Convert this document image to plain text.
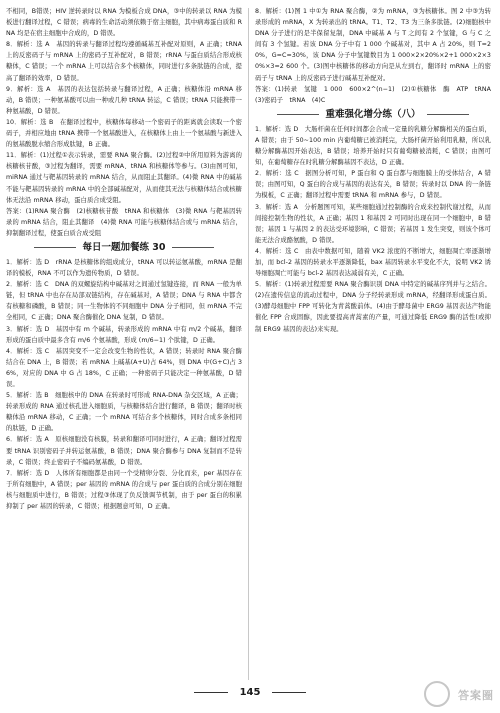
不相同，B错误；HIV 逆转录时以 RNA 为模板合成 DNA，③中的转录以 RNA 为模板进行翻译过程，C 错误；病毒的生命活动须依赖于宿主细胞，其中病毒蛋白质和 RNA 均是在宿主细胞中合成的，D 错误。

8．解析：选 A　基因的转录与翻译过程均遵循碱基互补配对原则，A 正确；tRNA 上的反密码子与 mRNA 上的密码子互补配对，B 错误；rRNA 与蛋白质结合形成核糖体，C 错误；一个 mRNA 上可以结合多个核糖体，同时进行多条肽链的合成，提高了翻译的效率，D 错误。

9．解析：选 A　基因的表达包括转录与翻译过程，A 正确；核糖体沿 mRNA 移动，B 错误；一种氨基酸可以由一种或几种 tRNA 转运，C 错误；tRNA 只能携带一种氨基酸，D 错误。

10．解析：选 B　在翻译过程中，核糖体每移动一个密码子的距离就会读取一个密码子，并相应地由 tRNA 携带一个氨基酸进入，在核糖体上由上一个氨基酸与新进入的氨基酸脱水缩合形成肽键，B 正确。

11．解析：(1)过程①表示转录，需要 RNA 聚合酶。(2)过程②中所用原料为游离的核糖核苷酸，③过程为翻译，需要 mRNA、tRNA 和核糖体等参与。(3)由图可知，miRNA 通过与靶基因转录的 mRNA 结合，从而阻止其翻译。(4)微 RNA 中的碱基不能与靶基因转录的 mRNA 中的全部碱基配对，从而使其无法与核糖体结合或核糖体无法沿 mRNA 移动，蛋白质合成受阻。

答案：(1)RNA 聚合酶　(2)核糖核苷酸　tRNA 和核糖体　(3)微 RNA 与靶基因转录的 mRNA 结合，阻止其翻译　(4)微 RNA 可能与核糖体结合或与 mRNA 结合，抑制翻译过程，使蛋白质合成受阻

每日一题加餐练 30

1．解析：选 D　rRNA 是核糖体的组成成分，tRNA 可以转运氨基酸，mRNA 是翻译的模板，RNA 不可以作为遗传物质，D 错误。

2．解析：选 C　DNA 的双螺旋结构中碱基对之间通过氢键连接，而 RNA 一般为单链，但 tRNA 中也存在局部双链结构，存在碱基对，A 错误；DNA 与 RNA 中都含有核糖和磷酸，B 错误；同一生物体的不同细胞中 DNA 分子相同，但 mRNA 不完全相同，C 正确；DNA 聚合酶催化 DNA 复制，D 错误。

3．解析：选 D　基因中有 m 个碱基，转录形成的 mRNA 中有 m/2 个碱基，翻译形成的蛋白质中最多含有 m/6 个氨基酸，形成 (m/6−1) 个肽键，D 正确。

4．解析：选 C　基因突变不一定会改变生物的性状，A 错误；转录时 RNA 聚合酶结合在 DNA 上，B 错误；若 mRNA 上碱基(A+U)占 64%，则 DNA 中(G+C)占 36%，对应的 DNA 中 G 占 18%，C 正确；一种密码子只能决定一种氨基酸，D 错误。

5．解析：选 B　细胞核中的 DNA 在转录时可形成 RNA-DNA 杂交区域，A 正确；转录形成的 RNA 通过核孔进入细胞质，与核糖体结合进行翻译，B 错误；翻译时核糖体沿 mRNA 移动，C 正确；一个 mRNA 可结合多个核糖体，同时合成多条相同的肽链，D 正确。

6．解析：选 A　原核细胞没有核膜，转录和翻译可同时进行，A 正确；翻译过程需要 tRNA 识别密码子并转运氨基酸，B 错误；DNA 聚合酶参与 DNA 复制而不是转录，C 错误；终止密码子不编码氨基酸，D 错误。

7．解析：选 D　人体所有细胞都是由同一个受精卵分裂、分化而来，per 基因存在于所有细胞中，A 错误；per 基因的 mRNA 的合成与 per 蛋白质的合成分别在细胞核与细胞质中进行，B 错误；过程③体现了负反馈调节机制，由于 per 蛋白的积累抑制了 per 基因的转录，C 错误；根据题意可知，D 正确。

8．解析：(1)图 1 中①为 RNA 聚合酶，②为 mRNA，③为核糖体。图 2 中③为转录形成的 mRNA，X 为转录出的 tRNA。T1、T2、T3 为三条多肽链。(2)细胞核中 DNA 分子进行的是半保留复制，DNA 中碱基 A 与 T 之间有 2 个氢键，G 与 C 之间有 3 个氢键。若该 DNA 分子中有 1 000 个碱基对，其中 A 占 20%，则 T=20%，G=C=30%，该 DNA 分子中氢键数目为 1 000×2×20%×2+1 000×2×30%×3=2 600 个。(3)图中核糖体的移动方向是从左到右，翻译时 mRNA 上的密码子与 tRNA 上的反密码子进行碱基互补配对。

答案：(1)转录　氢键　1 000　600×2^(n−1)　(2)①核糖体　酶　ATP　tRNA　(3)密码子　tRNA　(4)C

重难强化增分练（八）

1．解析：选 D　大肠杆菌在任何时间都会合成一定量的乳糖分解酶相关的蛋白质，A 错误；由于 50~100 min 内葡萄糖已被消耗完，大肠杆菌开始利用乳糖，所以乳糖分解酶基因开始表达，B 错误；培养开始时只有葡萄糖被消耗，C 错误；由图可知，在葡萄糖存在时乳糖分解酶基因不表达，D 正确。

2．解析：选 C　据图分析可知，P 蛋白和 Q 蛋白都与细胞膜上的受体结合，A 错误；由图可知，Q 蛋白的合成与基因的表达有关，B 错误；转录时以 DNA 的一条链为模板，C 正确；翻译过程中需要 tRNA 和 mRNA 参与，D 错误。

3．解析：选 A　分析题图可知，某些细胞通过控制酶的合成来控制代谢过程，从而间接控制生物的性状，A 正确；基因 1 和基因 2 可同时出现在同一个细胞中，B 错误；基因 1 与基因 2 的表达受环境影响，C 错误；若基因 1 发生突变，则该个体可能无法合成酪氨酸，D 错误。

4．解析：选 C　由表中数据可知，随着 VK2 浓度的不断增大，细胞凋亡率逐渐增加，而 bcl-2 基因的转录水平逐渐降低，bax 基因转录水平变化不大，说明 VK2 诱导细胞凋亡可能与 bcl-2 基因表达减弱有关，C 正确。

5．解析：(1)转录过程需要 RNA 聚合酶识别 DNA 中特定的碱基序列并与之结合。(2)在遗传信息的流动过程中，DNA 分子经转录形成 mRNA，经翻译形成蛋白质。(3)酵母细胞中 FPP 可转化为青蒿酸前体。(4)由于酵母菌中 ERG9 基因表达产物能催化 FPP 合成固醇，因此要提高青蒿素的产量，可通过降低 ERG9 酶的活性(或抑制 ERG9 基因的表达)来实现。

145	答案圈
